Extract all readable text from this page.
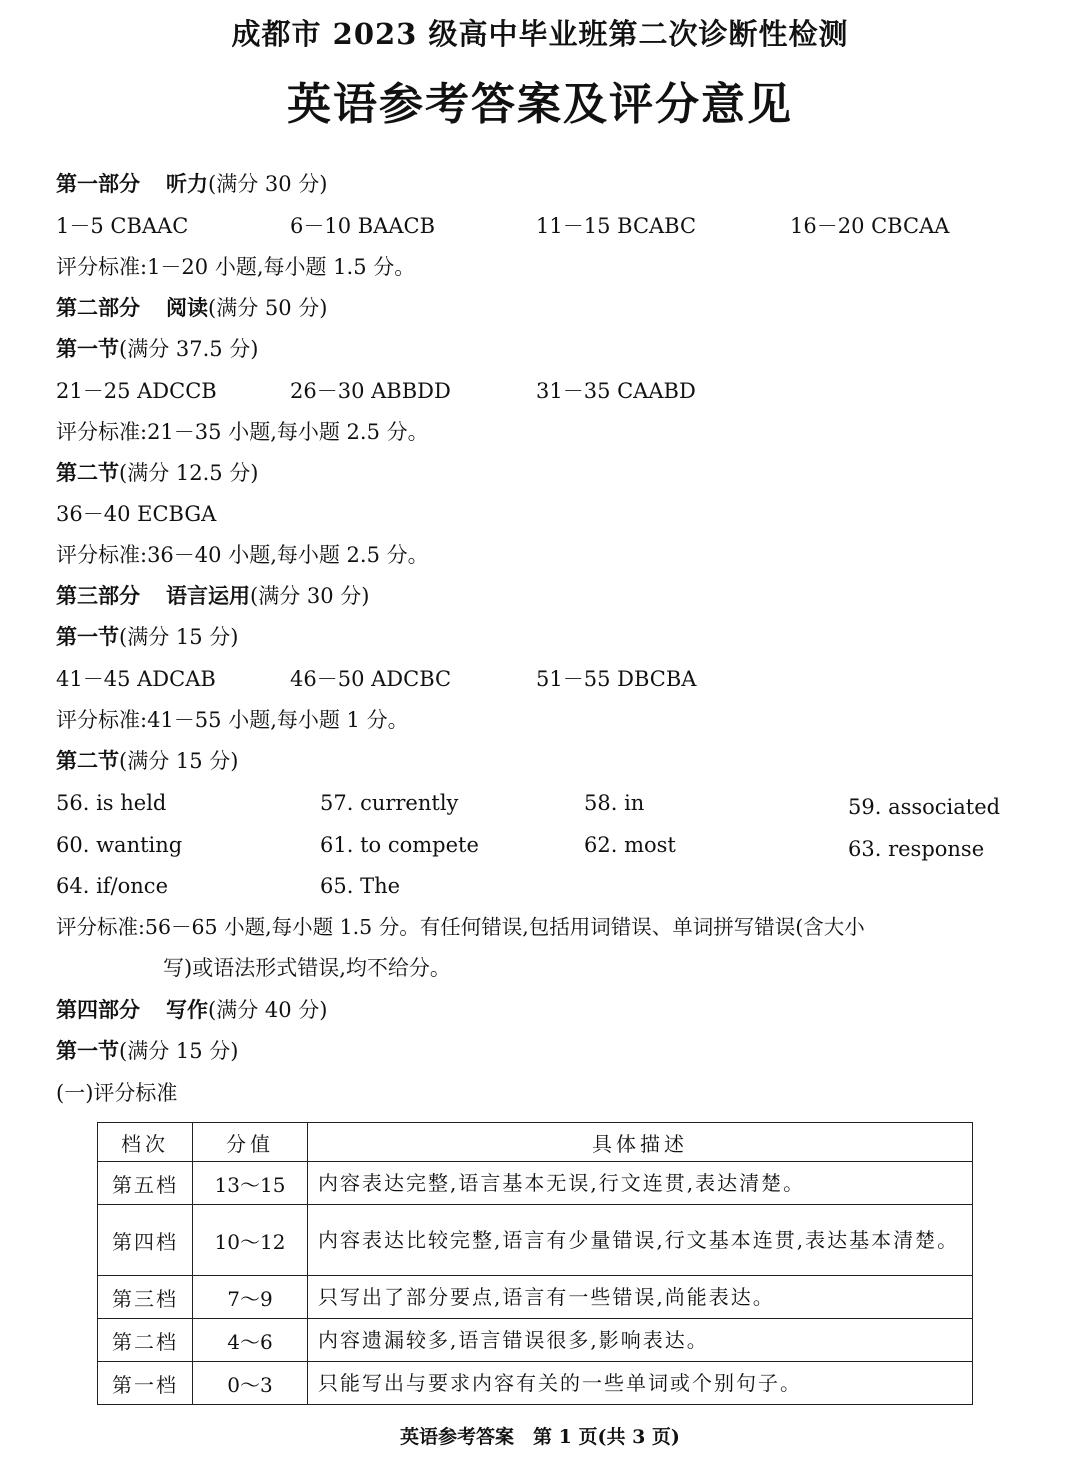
成都市 2023 级高中毕业班第二次诊断性检测
英语参考答案及评分意见
第一部分 听力(满分 30 分)
1－5 CBAAC	6－10 BAACB	11－15 BCABC	16－20 CBCAA
评分标准:1－20 小题,每小题 1.5 分。
第二部分 阅读(满分 50 分)
第一节(满分 37.5 分)
21－25 ADCCB	26－30 ABBDD	31－35 CAABD
评分标准:21－35 小题,每小题 2.5 分。
第二节(满分 12.5 分)
36－40 ECBGA
评分标准:36－40 小题,每小题 2.5 分。
第三部分 语言运用(满分 30 分)
第一节(满分 15 分)
41－45 ADCAB	46－50 ADCBC	51－55 DBCBA
评分标准:41－55 小题,每小题 1 分。
第二节(满分 15 分)
56. is held	57. currently	58. in	59. associated
60. wanting	61. to compete	62. most	63. response
64. if/once	65. The
评分标准:56－65 小题,每小题 1.5 分。有任何错误,包括用词错误、单词拼写错误(含大小
写)或语法形式错误,均不给分。
第四部分 写作(满分 40 分)
第一节(满分 15 分)
(一)评分标准
档次	分值	具体描述
第五档	13～15	内容表达完整,语言基本无误,行文连贯,表达清楚。
第四档	10～12	内容表达比较完整,语言有少量错误,行文基本连贯,表达基本清楚。
第三档	7～9	只写出了部分要点,语言有一些错误,尚能表达。
第二档	4～6	内容遗漏较多,语言错误很多,影响表达。
第一档	0～3	只能写出与要求内容有关的一些单词或个别句子。
英语参考答案　第 1 页(共 3 页)
